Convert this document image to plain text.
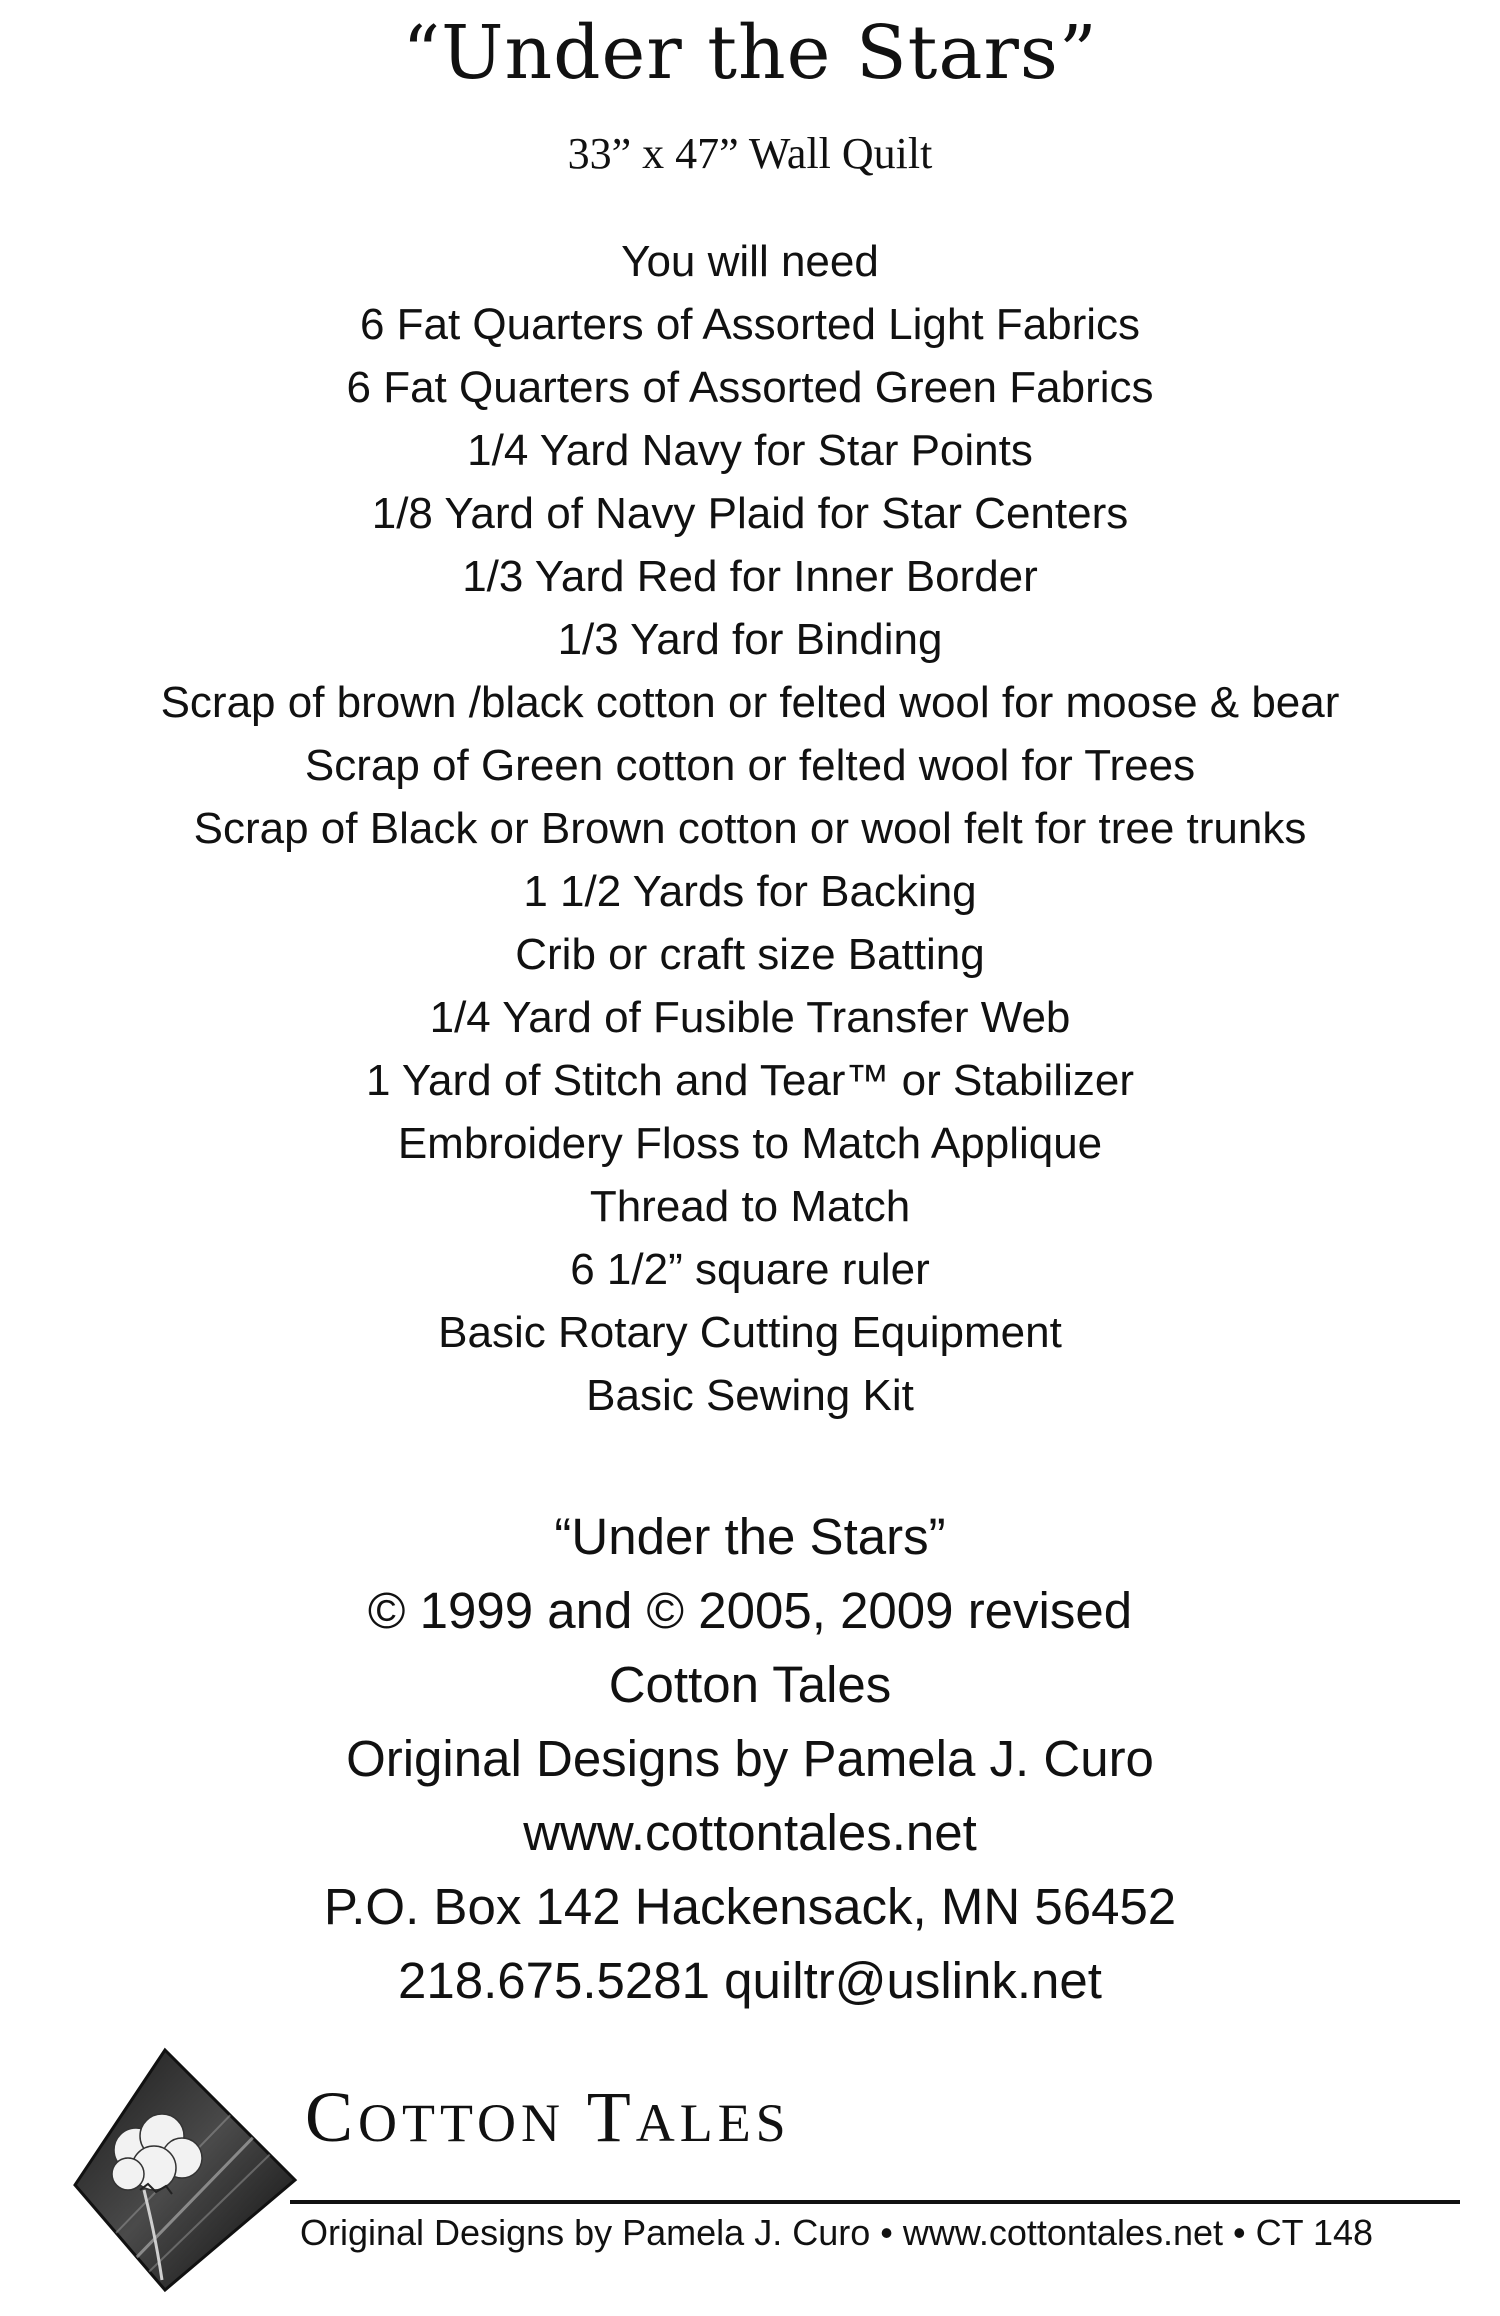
“Under the Stars”
33” x 47” Wall Quilt
You will need
6 Fat Quarters of Assorted Light Fabrics
6 Fat Quarters of Assorted Green Fabrics
1/4 Yard Navy for Star Points
1/8 Yard of Navy Plaid for Star Centers
1/3 Yard Red for Inner Border
1/3 Yard for Binding
Scrap of brown /black cotton or felted wool for moose & bear
Scrap of Green cotton or felted wool for Trees
Scrap of Black or Brown cotton or wool felt for tree trunks
1 1/2 Yards for Backing
Crib or craft size Batting
1/4 Yard of Fusible Transfer Web
1 Yard of Stitch and Tear™ or Stabilizer
Embroidery Floss to Match Applique
Thread to Match
6 1/2” square ruler
Basic Rotary Cutting Equipment
Basic Sewing Kit
“Under the Stars”
© 1999 and © 2005, 2009 revised
Cotton Tales
Original Designs by Pamela J. Curo
www.cottontales.net
P.O. Box 142 Hackensack, MN 56452
218.675.5281 quiltr@uslink.net
COTTON TALES
Original Designs by Pamela J. Curo • www.cottontales.net • CT 148
